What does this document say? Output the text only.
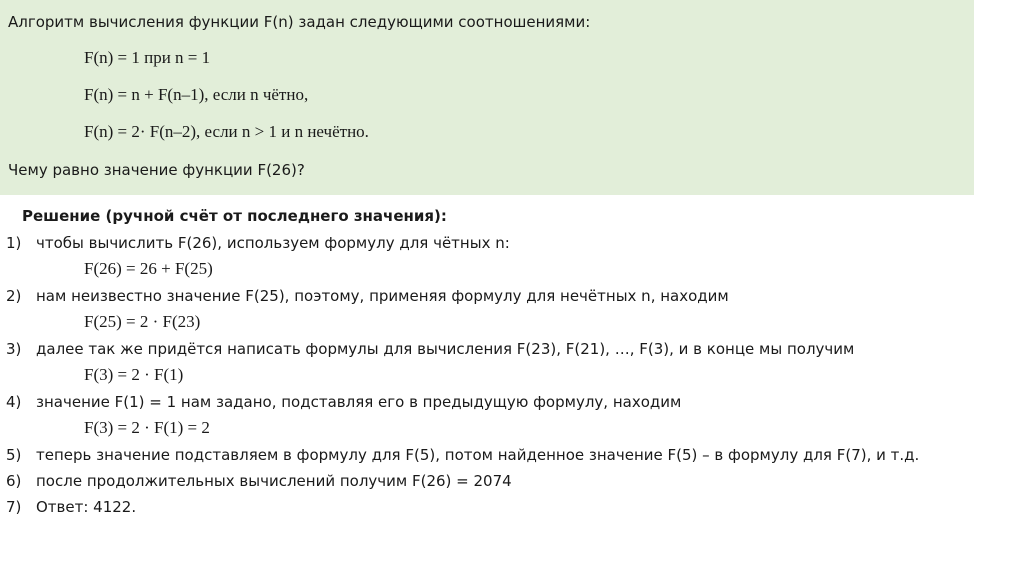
Алгоритм вычисления функции F(n) задан следующими соотношениями:
F(n) = 1 при n = 1
F(n) = n + F(n–1), если n чётно,
F(n) = 2· F(n–2), если n > 1 и n нечётно.
Чему равно значение функции F(26)?
Решение (ручной счёт от последнего значения):
1) чтобы вычислить F(26), используем формулу для чётных n:
F(26) = 26 + F(25)
2) нам неизвестно значение F(25), поэтому, применяя формулу для нечётных n, находим
F(25) = 2 · F(23)
3) далее так же придётся написать формулы для вычисления F(23), F(21), …, F(3), и в конце мы получим
F(3) = 2 · F(1)
4) значение F(1) = 1 нам задано, подставляя его в предыдущую формулу, находим
F(3) = 2 · F(1) = 2
5) теперь значение подставляем в формулу для F(5), потом найденное значение F(5) – в формулу для F(7), и т.д.
6) после продолжительных вычислений получим F(26) = 2074
7) Ответ: 4122.
